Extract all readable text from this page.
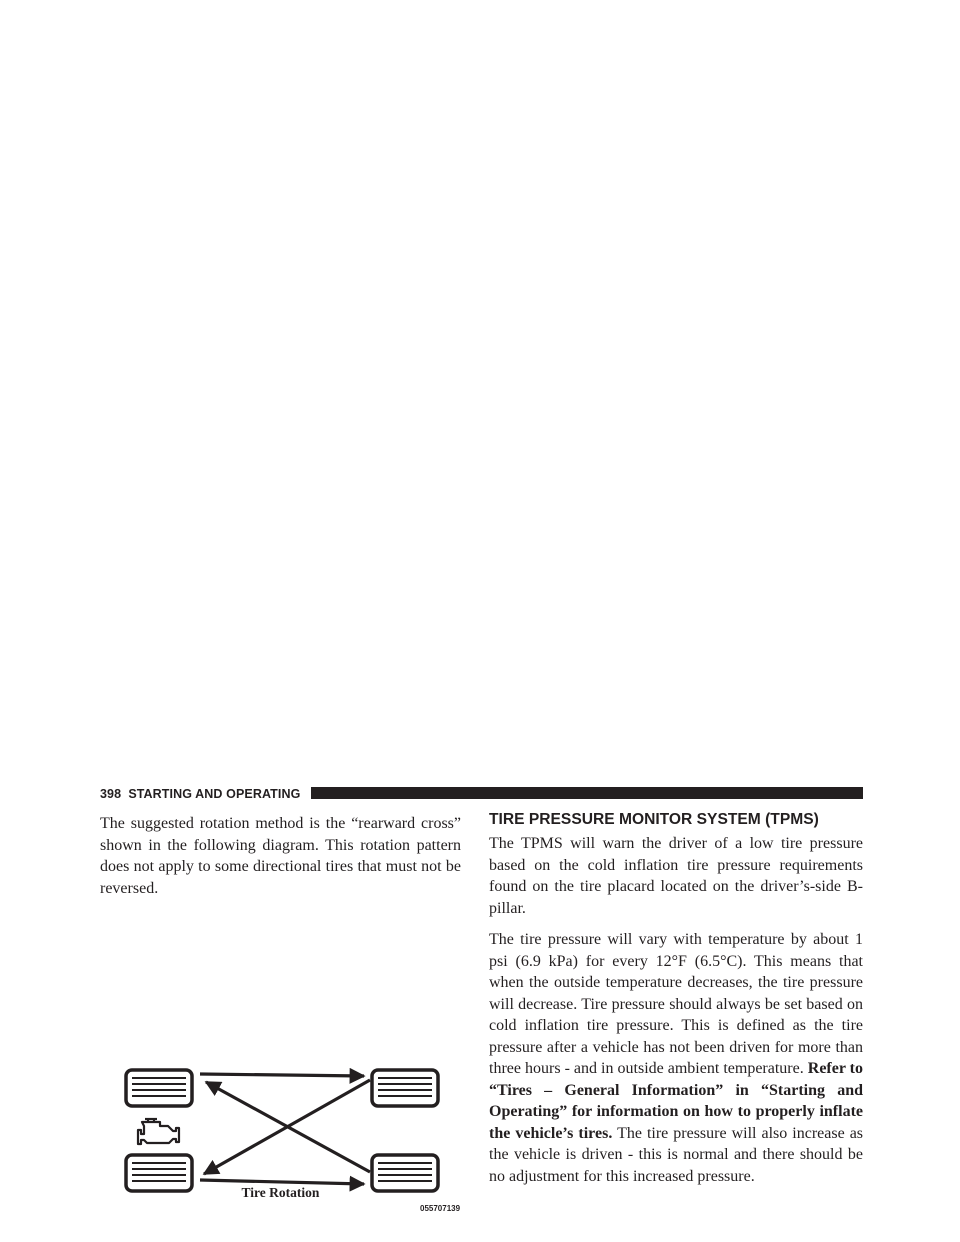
398 STARTING AND OPERATING

The suggested rotation method is the “rearward cross” shown in the following diagram. This rotation pattern does not apply to some directional tires that must not be reversed.

055707139
Tire Rotation
TIRE PRESSURE MONITOR SYSTEM (TPMS)

The TPMS will warn the driver of a low tire pressure based on the cold inflation tire pressure requirements found on the tire placard located on the driver’s-side B-pillar.

The tire pressure will vary with temperature by about 1 psi (6.9 kPa) for every 12°F (6.5°C). This means that when the outside temperature decreases, the tire pressure will decrease. Tire pressure should always be set based on cold inflation tire pressure. This is defined as the tire pressure after a vehicle has not been driven for more than three hours - and in outside ambient temperature. Refer to “Tires – General Information” in “Starting and Operating” for information on how to properly inflate the vehicle’s tires. The tire pressure will also increase as the vehicle is driven - this is normal and there should be no adjustment for this increased pressure.
